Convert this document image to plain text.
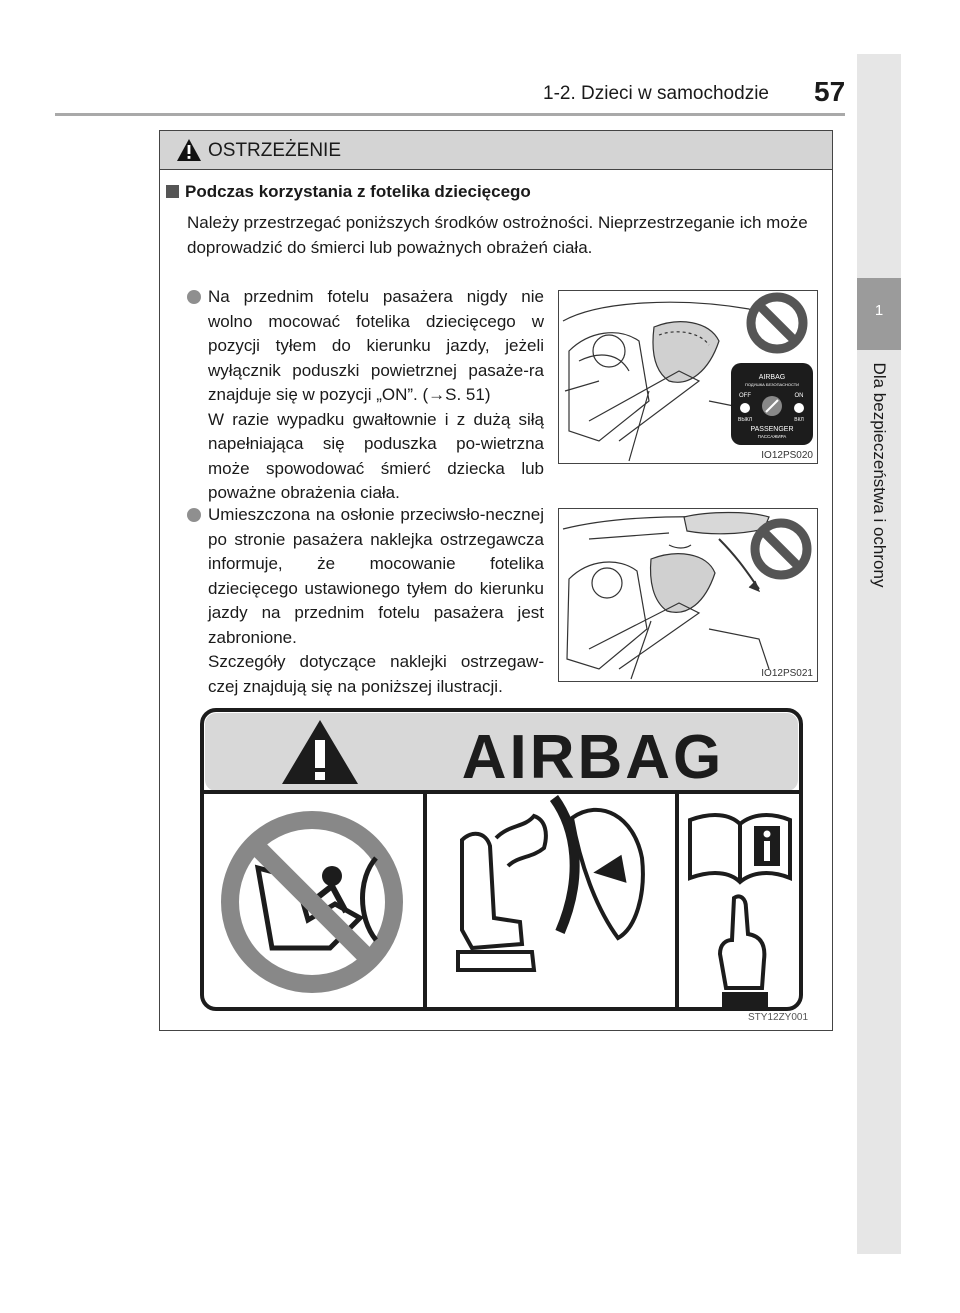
1-2. Dzieci w samochodzie 57
1
Dla bezpieczeństwa i ochrony
OSTRZEŻENIE
Podczas korzystania z fotelika dziecięcego
Należy przestrzegać poniższych środków ostrożności. Nieprzestrzeganie ich może doprowadzić do śmierci lub poważnych obrażeń ciała.

Na przednim fotelu pasażera nigdy nie wolno mocować fotelika dziecięcego w pozycji tyłem do kierunku jazdy, jeżeli wyłącznik poduszki powietrznej pasaże-ra znajduje się w pozycji „ON”. (→S. 51)

W razie wypadku gwałtownie i z dużą siłą napełniająca się poduszka po-wietrzna może spowodować śmierć dziecka lub poważne obrażenia ciała.

Umieszczona na osłonie przeciwsło-necznej po stronie pasażera naklejka ostrzegawcza informuje, że mocowanie fotelika dziecięcego ustawionego tyłem do kierunku jazdy na przednim fotelu pasażera jest zabronione.

Szczegóły dotyczące naklejki ostrzegaw-czej znajdują się na poniższej ilustracji.

AIRBAG
ПОДУШКА БЕЗОПАСНОСТИ
OFF	ON
ВЫКЛ	ВКЛ
PASSENGER
ПАССАЖИРА
IO12PS020
IO12PS021
AIRBAG
STY12ZY001
